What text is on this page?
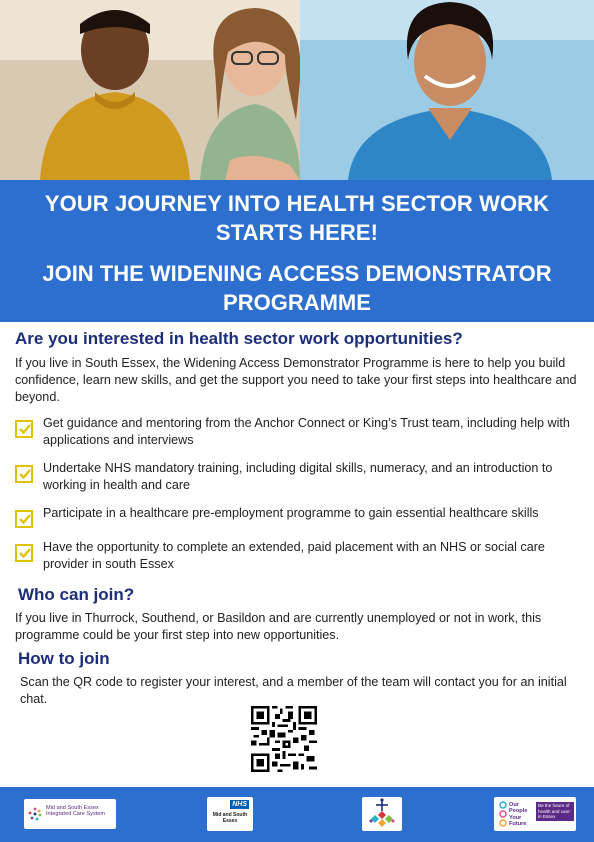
YOUR JOURNEY INTO HEALTH SECTOR WORK
STARTS HERE!
JOIN THE WIDENING ACCESS DEMONSTRATOR
PROGRAMME
Are you interested in health sector work opportunities?
If you live in South Essex, the Widening Access Demonstrator Programme is here to help you build confidence, learn new skills, and get the support you need to take your first steps into healthcare and beyond.
Get guidance and mentoring from the Anchor Connect or King’s Trust team, including help with applications and interviews
Undertake NHS mandatory training, including digital skills, numeracy, and an introduction to working in health and care
Participate in a healthcare pre-employment programme to gain essential healthcare skills
Have the opportunity to complete an extended, paid placement with an NHS or social care provider in south Essex
Who can join?
If you live in Thurrock, Southend, or Basildon and are currently unemployed or not in work, this programme could be your first step into new opportunities.
How to join
Scan the QR code to register your interest, and a member of the team will contact you for an initial chat.
Mid and South Essex Integrated Care System
NHS
Mid and South Essex
Our People Your Future
Be the future of health and care in Essex
